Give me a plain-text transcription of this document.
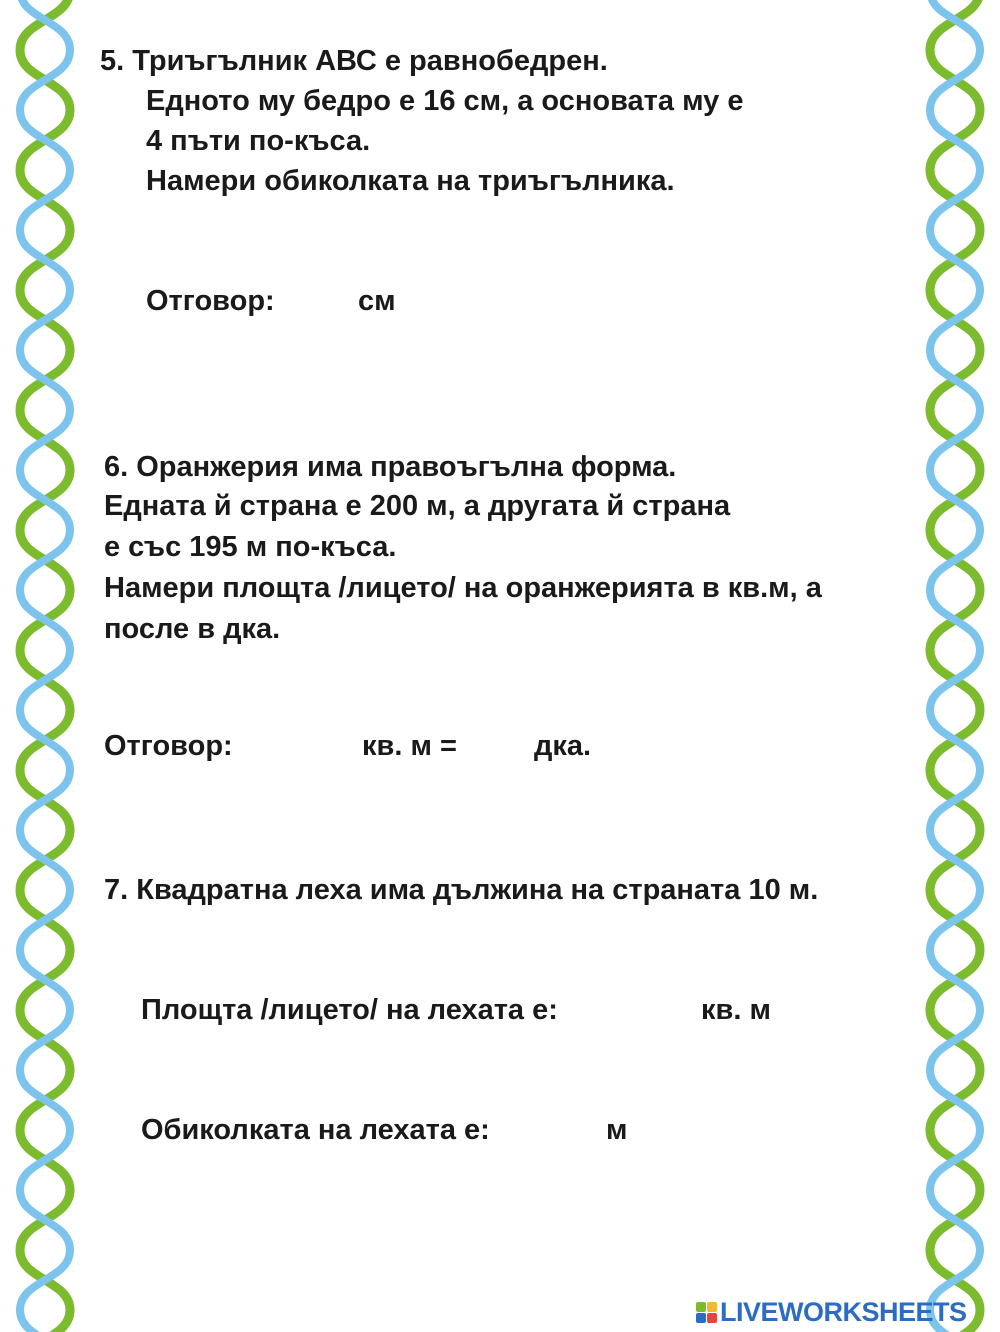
5. Триъгълник АВС е равнобедрен.

Едното му бедро е 16 см, а основата му е

4 пъти по-къса.

Намери обиколката на триъгълника.

Отговор:	см

6. Оранжерия има правоъгълна форма.

Едната й страна е 200 м, а другата й страна

е със 195 м по-къса.

Намери площта /лицето/ на оранжерията в кв.м, а

после в дка.

Отговор:	кв. м =	дка.

7. Квадратна леха има дължина на страната 10 м.

Площта /лицето/ на лехата е:	кв. м

Обиколката на лехата е:	м

LIVEWORKSHEETS
